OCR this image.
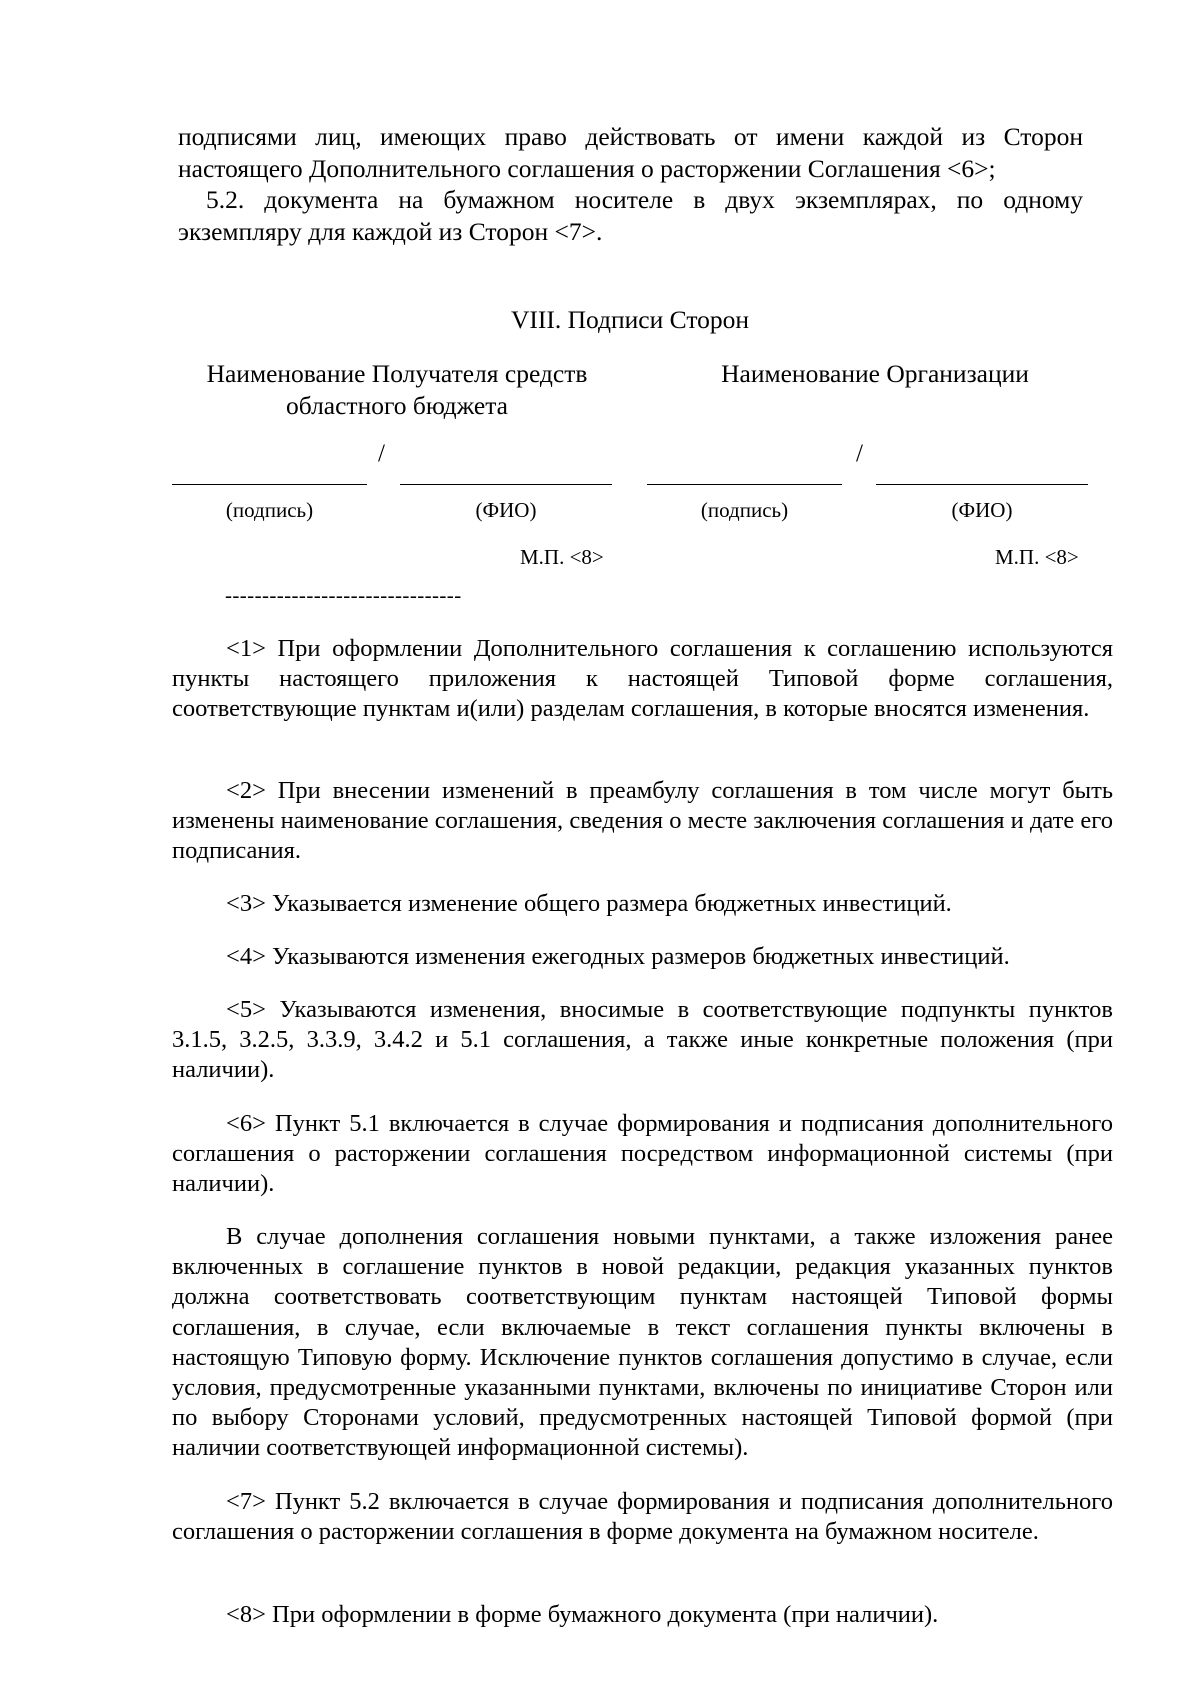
подписями лиц, имеющих право действовать от имени каждой из Сторон настоящего Дополнительного соглашения о расторжении Соглашения <6>;

5.2. документа на бумажном носителе в двух экземплярах, по одному экземпляру для каждой из Сторон <7>.

VIII. Подписи Сторон
Наименование Получателя средств областного бюджета
Наименование Организации
/
(подпись)	(ФИО)
М.П. <8>
/
(подпись)	(ФИО)
М.П. <8>
--------------------------------

<1> При оформлении Дополнительного соглашения к соглашению используются пункты настоящего приложения к настоящей Типовой форме соглашения, соответствующие пунктам и(или) разделам соглашения, в которые вносятся изменения.

<2> При внесении изменений в преамбулу соглашения в том числе могут быть изменены наименование соглашения, сведения о месте заключения соглашения и дате его подписания.

<3> Указывается изменение общего размера бюджетных инвестиций.

<4> Указываются изменения ежегодных размеров бюджетных инвестиций.

<5> Указываются изменения, вносимые в соответствующие подпункты пунктов 3.1.5, 3.2.5, 3.3.9, 3.4.2 и 5.1 соглашения, а также иные конкретные положения (при наличии).

<6> Пункт 5.1 включается в случае формирования и подписания дополнительного соглашения о расторжении соглашения посредством информационной системы (при наличии).

В случае дополнения соглашения новыми пунктами, а также изложения ранее включенных в соглашение пунктов в новой редакции, редакция указанных пунктов должна соответствовать соответствующим пунктам настоящей Типовой формы соглашения, в случае, если включаемые в текст соглашения пункты включены в настоящую Типовую форму. Исключение пунктов соглашения допустимо в случае, если условия, предусмотренные указанными пунктами, включены по инициативе Сторон или по выбору Сторонами условий, предусмотренных настоящей Типовой формой (при наличии соответствующей информационной системы).

<7> Пункт 5.2 включается в случае формирования и подписания дополнительного соглашения о расторжении соглашения в форме документа на бумажном носителе.

<8> При оформлении в форме бумажного документа (при наличии).
